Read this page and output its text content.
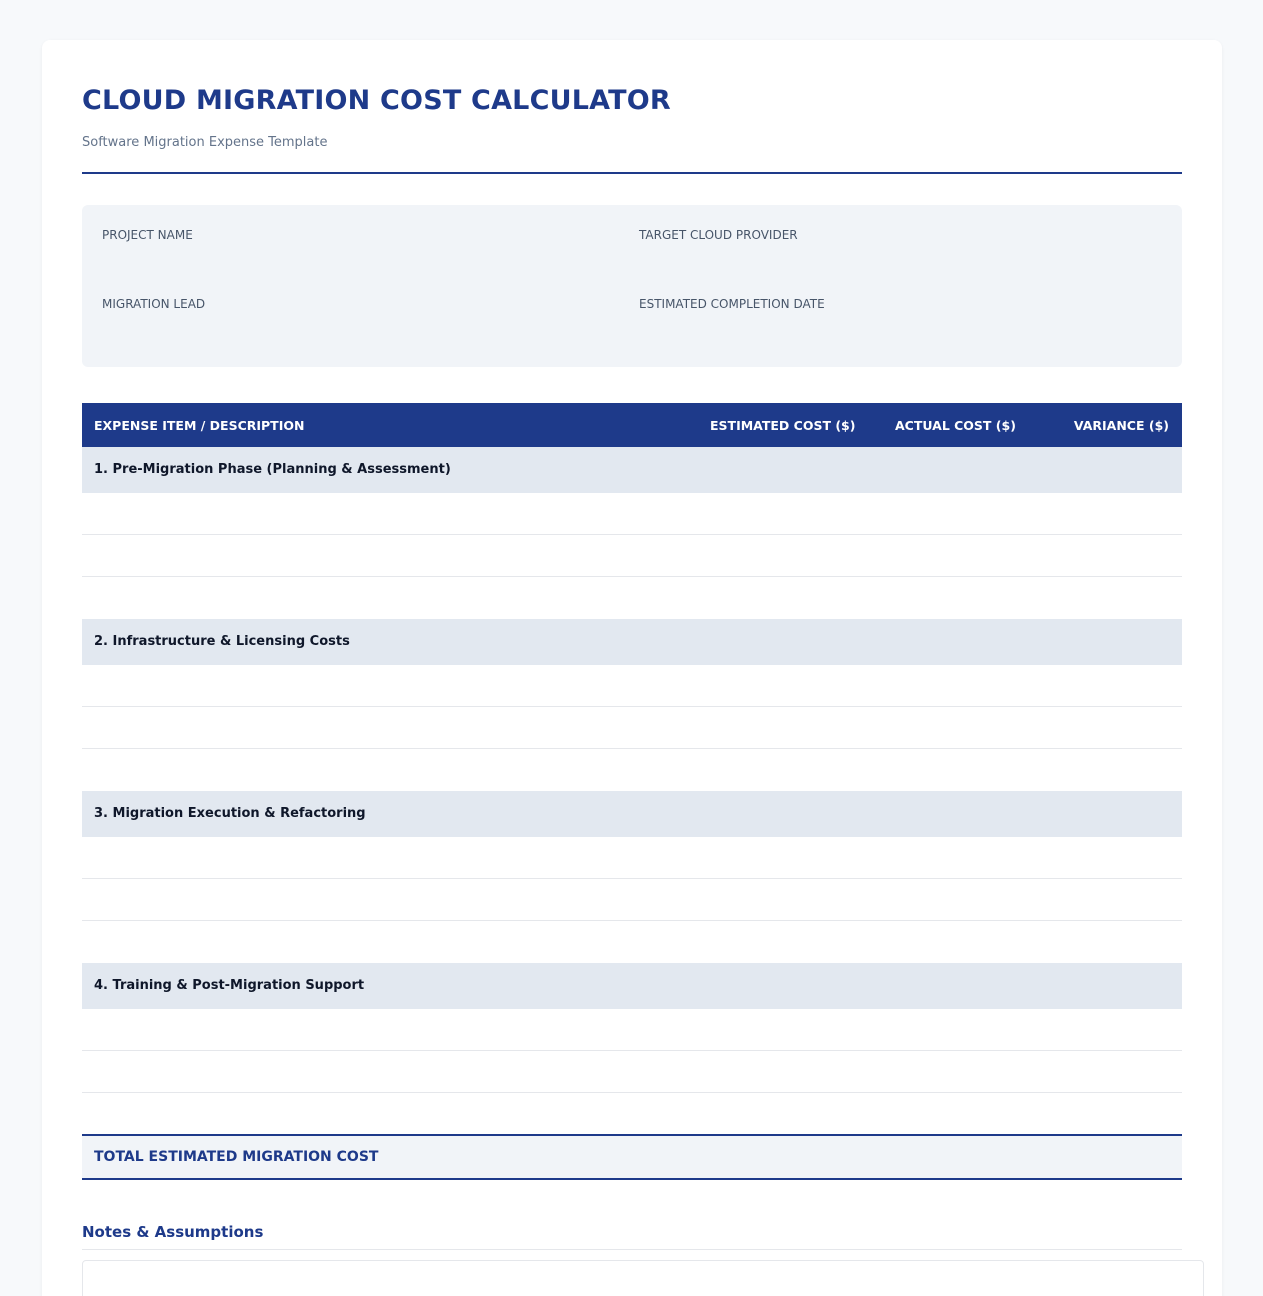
CLOUD MIGRATION COST CALCULATOR
Software Migration Expense Template
PROJECT NAME	TARGET CLOUD PROVIDER
MIGRATION LEAD	ESTIMATED COMPLETION DATE
EXPENSE ITEM / DESCRIPTION	ESTIMATED COST ($)	ACTUAL COST ($)	VARIANCE ($)
1. Pre-Migration Phase (Planning & Assessment)
2. Infrastructure & Licensing Costs
3. Migration Execution & Refactoring
4. Training & Post-Migration Support
TOTAL ESTIMATED MIGRATION COST
Notes & Assumptions
